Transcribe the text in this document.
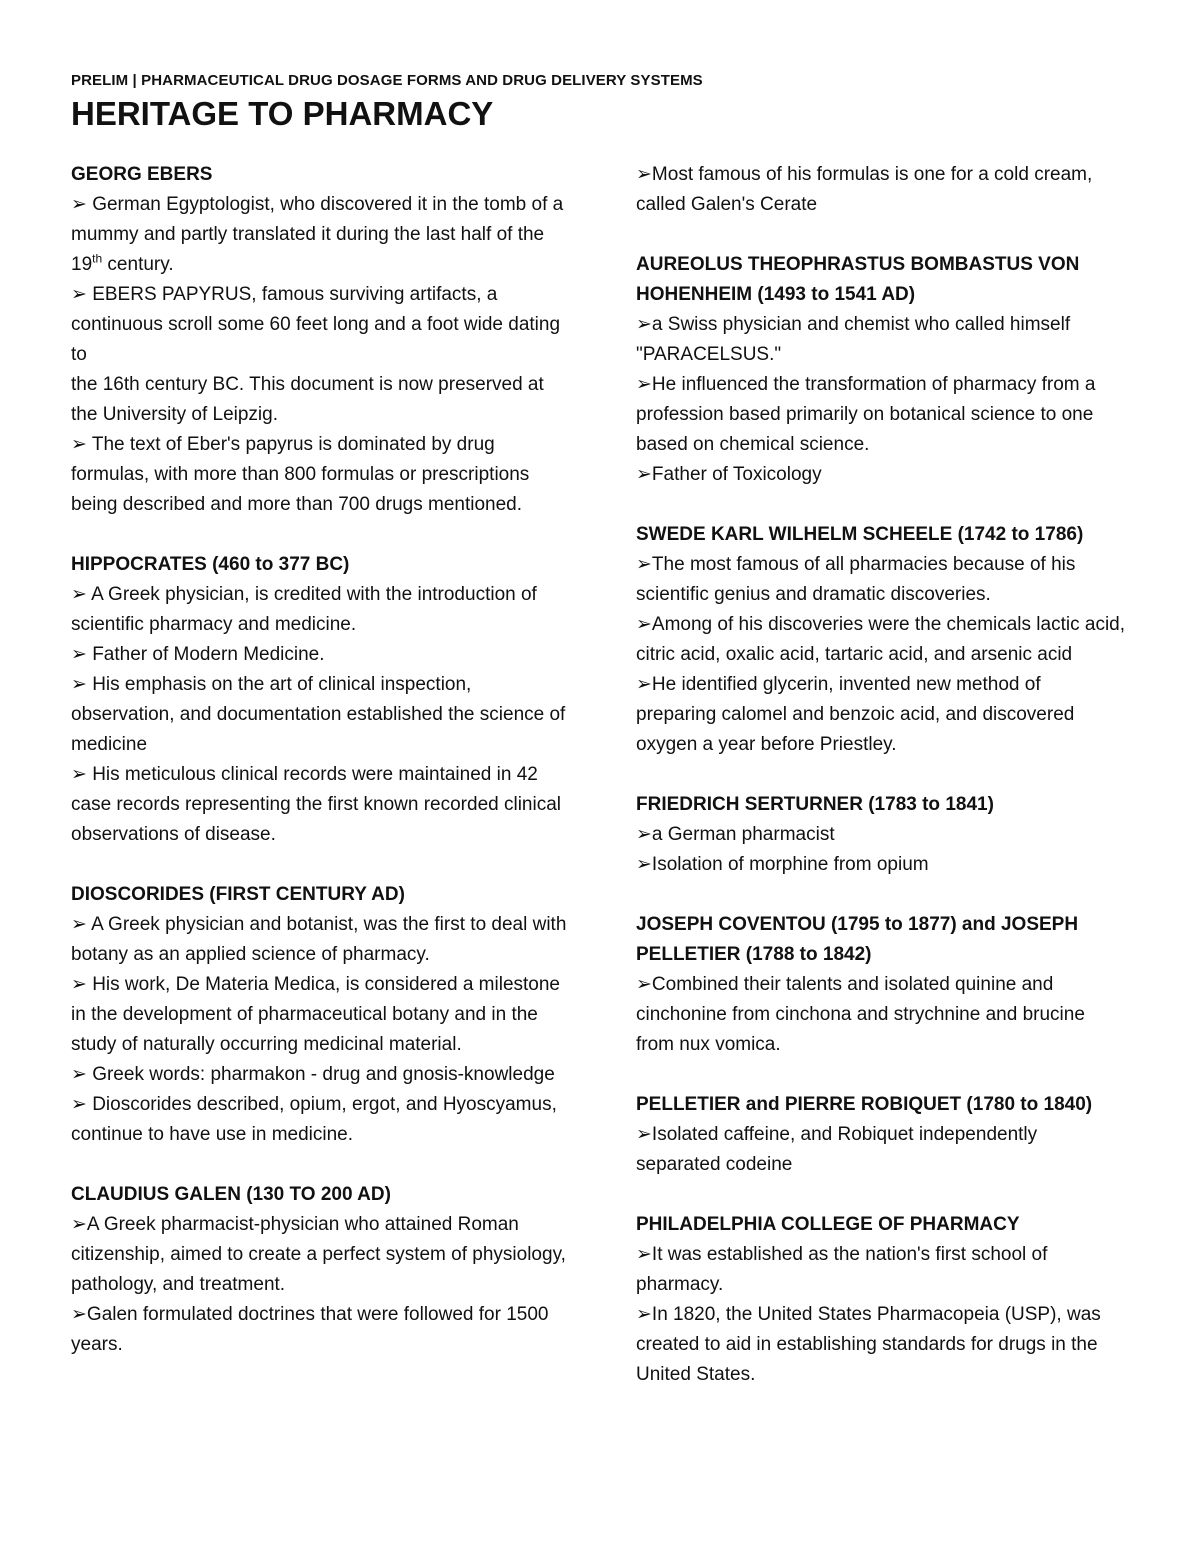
PRELIM | PHARMACEUTICAL DRUG DOSAGE FORMS AND DRUG DELIVERY SYSTEMS
HERITAGE TO PHARMACY
GEORG EBERS
➢ German Egyptologist, who discovered it in the tomb of a mummy and partly translated it during the last half of the 19th century.
➢ EBERS PAPYRUS, famous surviving artifacts, a continuous scroll some 60 feet long and a foot wide dating to
the 16th century BC. This document is now preserved at the University of Leipzig.
➢ The text of Eber's papyrus is dominated by drug formulas, with more than 800 formulas or prescriptions being described and more than 700 drugs mentioned.
HIPPOCRATES (460 to 377 BC)
➢ A Greek physician, is credited with the introduction of scientific pharmacy and medicine.
➢ Father of Modern Medicine.
➢ His emphasis on the art of clinical inspection, observation, and documentation established the science of medicine
➢ His meticulous clinical records were maintained in 42 case records representing the first known recorded clinical observations of disease.
DIOSCORIDES (FIRST CENTURY AD)
➢ A Greek physician and botanist, was the first to deal with botany as an applied science of pharmacy.
➢ His work, De Materia Medica, is considered a milestone in the development of pharmaceutical botany and in the study of naturally occurring medicinal material.
➢ Greek words: pharmakon - drug and gnosis-knowledge
➢ Dioscorides described, opium, ergot, and Hyoscyamus, continue to have use in medicine.
CLAUDIUS GALEN (130 TO 200 AD)
➢A Greek pharmacist-physician who attained Roman citizenship, aimed to create a perfect system of physiology, pathology, and treatment.
➢Galen formulated doctrines that were followed for 1500 years.
➢Most famous of his formulas is one for a cold cream, called Galen's Cerate
AUREOLUS THEOPHRASTUS BOMBASTUS VON HOHENHEIM (1493 to 1541 AD)
➢a Swiss physician and chemist who called himself "PARACELSUS."
➢He influenced the transformation of pharmacy from a profession based primarily on botanical science to one based on chemical science.
➢Father of Toxicology
SWEDE KARL WILHELM SCHEELE (1742 to 1786)
➢The most famous of all pharmacies because of his scientific genius and dramatic discoveries.
➢Among of his discoveries were the chemicals lactic acid, citric acid, oxalic acid, tartaric acid, and arsenic acid
➢He identified glycerin, invented new method of preparing calomel and benzoic acid, and discovered oxygen a year before Priestley.
FRIEDRICH SERTURNER (1783 to 1841)
➢a German pharmacist
➢Isolation of morphine from opium
JOSEPH COVENTOU (1795 to 1877) and JOSEPH PELLETIER (1788 to 1842)
➢Combined their talents and isolated quinine and cinchonine from cinchona and strychnine and brucine from nux vomica.
PELLETIER and PIERRE ROBIQUET (1780 to 1840)
➢Isolated caffeine, and Robiquet independently separated codeine
PHILADELPHIA COLLEGE OF PHARMACY
➢It was established as the nation's first school of pharmacy.
➢In 1820, the United States Pharmacopeia (USP), was created to aid in establishing standards for drugs in the United States.
